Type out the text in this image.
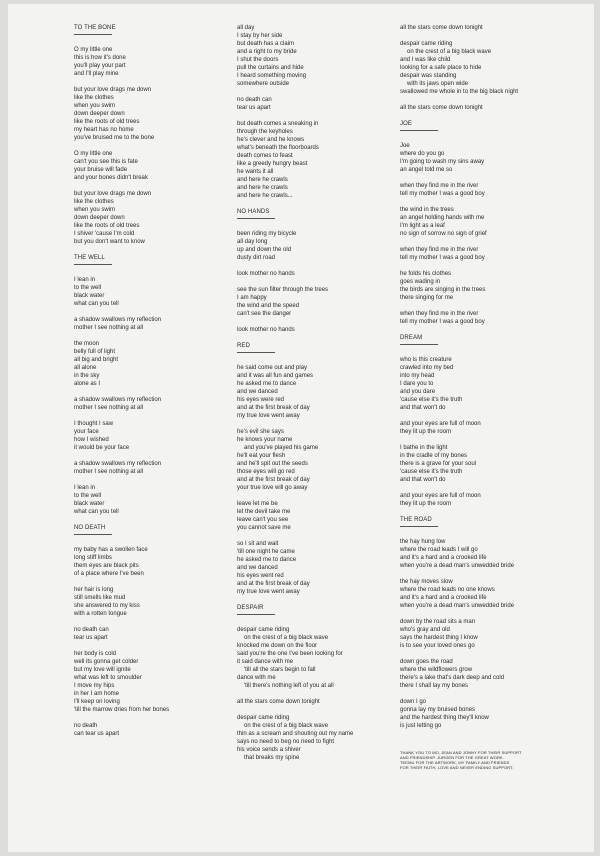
TO THE BONE
O my little one
this is how it's done
you'll play your part
and I'll play mine
but your love drags me down
like the clothes
when you swim
down deeper down
like the roots of old trees
my heart has no home
you've bruised me to the bone
O my little one
can't you see this is fate
your bruise will fade
and your bones didn't break
but your love drags me down
like the clothes
when you swim
down deeper down
like the roots of old trees
I shiver 'cause I'm cold
but you don't want to know
THE WELL
I lean in
to the well
black water
what can you tell
a shadow swallows my reflection
mother I see nothing at all
the moon
belly full of light
all big and bright
all alone
in the sky
alone as I
a shadow swallows my reflection
mother I see nothing at all
I thought I saw
your face
how I wished
it would be your face
a shadow swallows my reflection
mother I see nothing at all
I lean in
to the well
black water
what can you tell
NO DEATH
my baby has a swollen face
long stiff limbs
them eyes are black pits
of a place where I've been
her hair is long
still smells like mud
she answered to my kiss
with a rotten tongue
no death can
tear us apart
her body is cold
well its gonna get colder
but my love will ignite
what was left to smoulder
I move my hips
in her I am home
I'll keep on loving
'till the marrow dries from her bones
no death
can tear us apart
all day
I stay by her side
but death has a claim
and a right to my bride
I shut the doors
pull the curtains and hide
I heard something moving
somewhere outside
no death can
tear us apart
but death comes a sneaking in
through the keyholes
he's clever and he knows
what's beneath the floorboards
death comes to feast
like a greedy hungry beast
he wants it all
and here he crawls
and here he crawls
and here he crawls...
NO HANDS
been riding my bicycle
all day long
up and down the old
dusty dirt road
look mother no hands
see the sun filter through the trees
I am happy
the wind and the speed
can't see the danger
look mother no hands
RED
he said come out and play
and it was all fun and games
he asked me to dance
and we danced
his eyes were red
and at the first break of day
my true love went away
he's evil she says
he knows your name
and you've played his game
he'll eat your flesh
and he'll spit out the seeds
those eyes will go red
and at the first break of day
your true love will go away
leave let me be
let the devil take me
leave can't you see
you cannot save me
so I sit and wait
'till one night he came
he asked me to dance
and we danced
his eyes went red
and at the first break of day
my true love went away
DESPAIR
despair came riding
on the crest of a big black wave
knocked me down on the floor
said you're the one I've been looking for
it said dance with me
'till all the stars begin to fall
dance with me
'till there's nothing left of you at all
all the stars come down tonight
despair came riding
on the crest of a big black wave
thin as a scream and shouting out my name
says no need to beg no need to fight
his voice sends a shiver
that breaks my spine
all the stars come down tonight
despair came riding
on the crest of a big black wave
and I was like child
looking for a safe place to hide
despair was standing
with its jaws open wide
swallowed me whole in to the big black night
all the stars come down tonight
JOE
Joe
where do you go
I'm going to wash my sins away
an angel told me so
when they find me in the river
tell my mother I was a good boy
the wind in the trees
an angel holding hands with me
I'm light as a leaf
no sign of sorrow no sign of grief
when they find me in the river
tell my mother I was a good boy
he folds his clothes
goes wading in
the birds are singing in the trees
there singing for me
when they find me in the river
tell my mother I was a good boy
DREAM
who is this creature
crawled into my bed
into my head
I dare you to
and you dare
'cause else it's the truth
and that won't do
and your eyes are full of moon
they lit up the room
I bathe in the light
in the cradle of my bones
there is a grave for your soul
'cause else it's the truth
and that won't do
and your eyes are full of moon
they lit up the room
THE ROAD
the hay hung low
where the road leads I will go
and it's a hard and a crooked life
when you're a dead man's unwedded bride
the hay moves slow
where the road leads no one knows
and it's a hard and a crooked life
when you're a dead man's unwedded bride
down by the road sits a man
who's gray and old
says the hardest thing I know
is to see your loved ones go
down goes the road
where the wildflowers grow
there's a lake that's dark deep and cold
there I shall lay my bones
down I go
gonna lay my bruised bones
and the hardest thing they'll know
is just letting go
THANK YOU TO MO, JEAN AND JONNY FOR THEIR SUPPORT
AND FRIENDSHIP. JURGEN FOR THE GREAT WORK.
TEEMU FOR THE ARTWORK, MY FAMILY AND FRIENDS
FOR THEIR FAITH, LOVE AND NEVER ENDING SUPPORT.
